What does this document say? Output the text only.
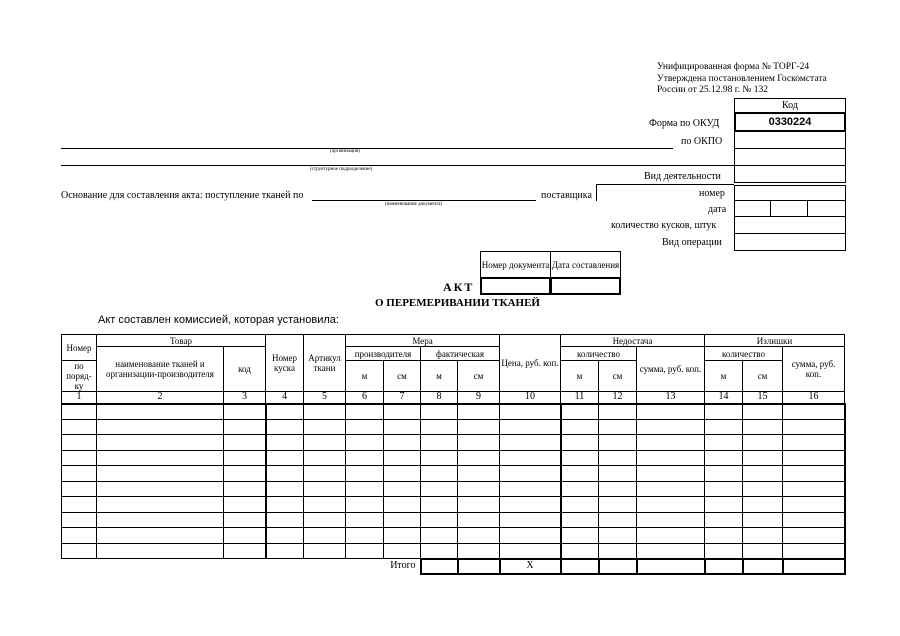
Унифицированная форма № ТОРГ-24
Утверждена постановлением Госкомстата
России от 25.12.98 г. № 132
Код
0330224
Форма по ОКУД
по ОКПО
Вид деятельности
номер
дата
количество кусков, штук
Вид операции
(организация)
(структурное подразделение)
Основание для составления акта: поступление тканей по
(наименование документа)
поставщика
Номер документа Дата составления
АКТ
О ПЕРЕМЕРИВАНИИ ТКАНЕЙ
Акт составлен комиссией, которая установила:
Номер	Товар		Номер куска	Артикул ткани	Мера				Цена, руб. коп.	Недостача			Излишки		
	наименование тканей и организации-производителя	код			производителя		фактическая			количество		сумма, руб. коп.	количество		сумма, руб. коп.
по поряд-ку					м	см	м	см		м	см		м	см	
1	2	3	4	5	6	7	8	9	10	11	12	13	14	15	16

					Итого				Х						
